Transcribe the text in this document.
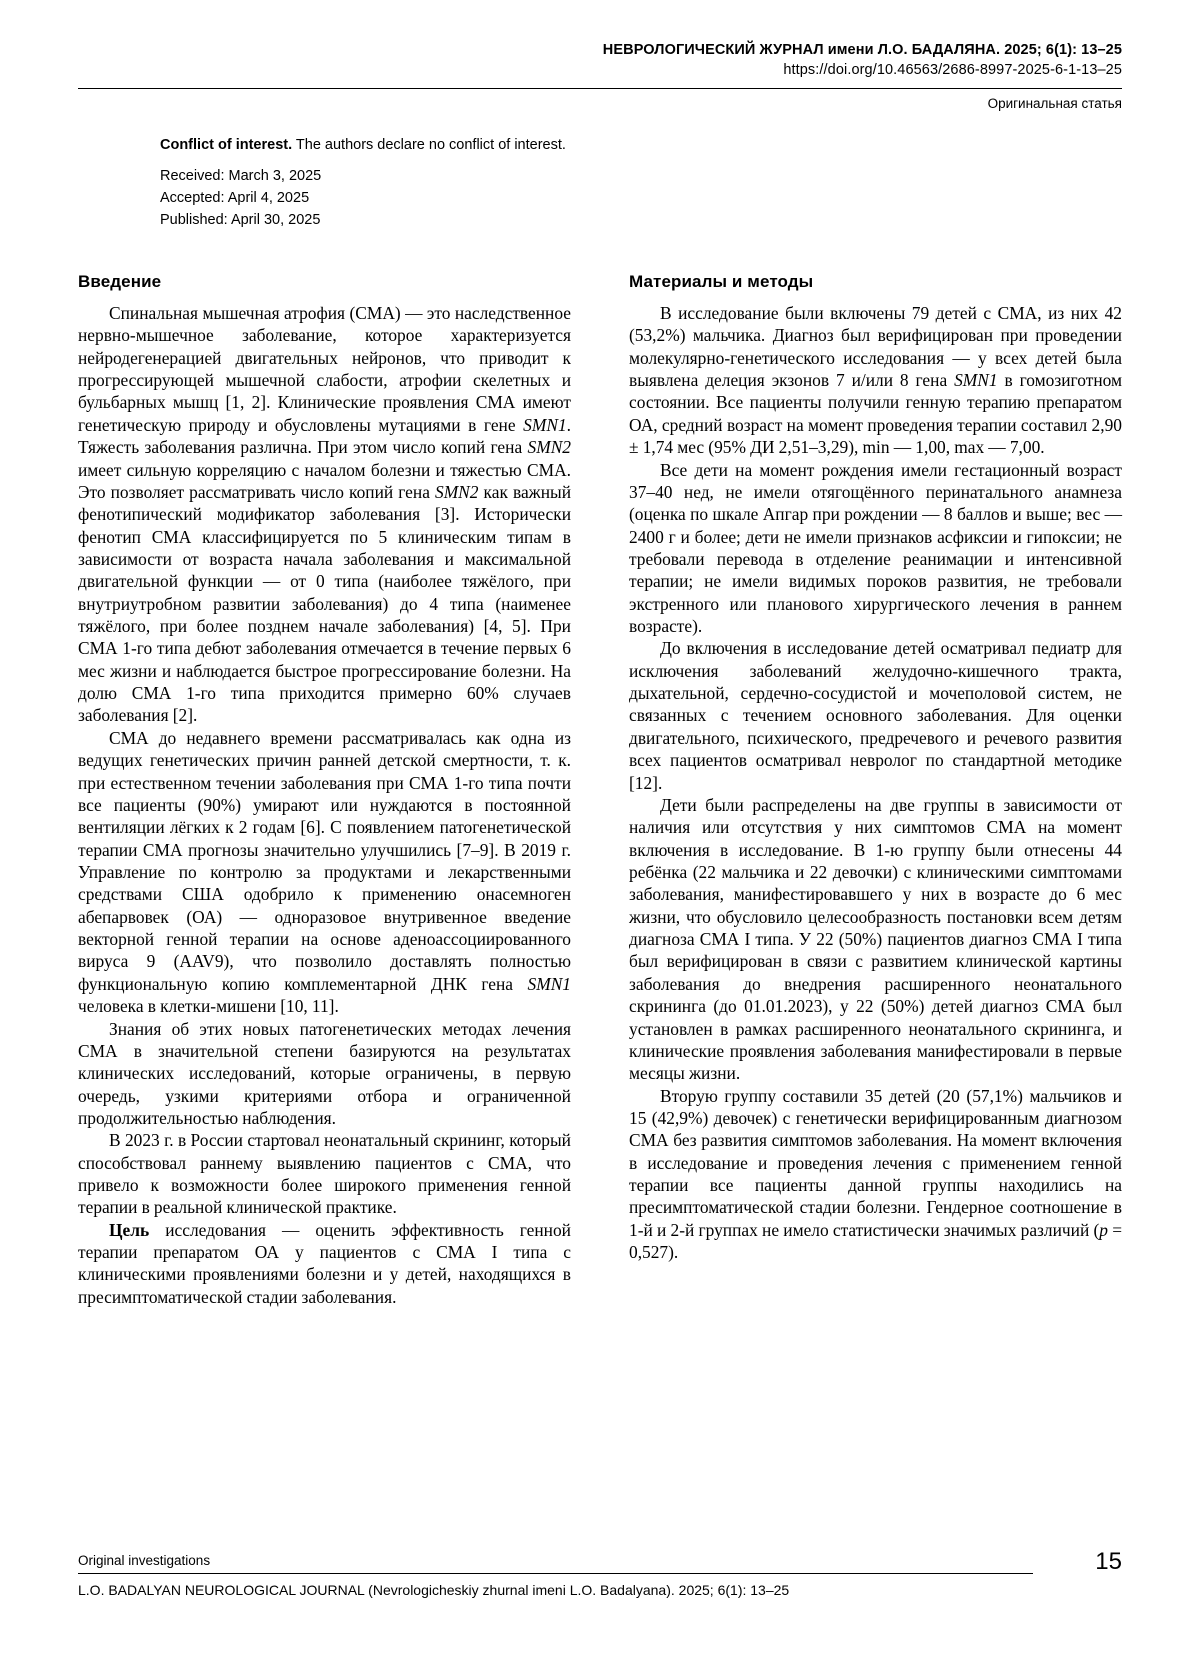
НЕВРОЛОГИЧЕСКИЙ ЖУРНАЛ имени Л.О. БАДАЛЯНА. 2025; 6(1): 13–25
https://doi.org/10.46563/2686-8997-2025-6-1-13–25
Оригинальная статья
Conflict of interest. The authors declare no conflict of interest.
Received: March 3, 2025
Accepted: April 4, 2025
Published: April 30, 2025
Введение

Спинальная мышечная атрофия (СМА) — это наследственное нервно-мышечное заболевание, которое характеризуется нейродегенерацией двигательных нейронов, что приводит к прогрессирующей мышечной слабости, атрофии скелетных и бульбарных мышц [1, 2]. Клинические проявления СМА имеют генетическую природу и обусловлены мутациями в гене SMN1. Тяжесть заболевания различна. При этом число копий гена SMN2 имеет сильную корреляцию с началом болезни и тяжестью СМА. Это позволяет рассматривать число копий гена SMN2 как важный фенотипический модификатор заболевания [3]. Исторически фенотип СМА классифицируется по 5 клиническим типам в зависимости от возраста начала заболевания и максимальной двигательной функции — от 0 типа (наиболее тяжёлого, при внутриутробном развитии заболевания) до 4 типа (наименее тяжёлого, при более позднем начале заболевания) [4, 5]. При СМА 1-го типа дебют заболевания отмечается в течение первых 6 мес жизни и наблюдается быстрое прогрессирование болезни. На долю СМА 1-го типа приходится примерно 60% случаев заболевания [2].

СМА до недавнего времени рассматривалась как одна из ведущих генетических причин ранней детской смертности, т. к. при естественном течении заболевания при СМА 1-го типа почти все пациенты (90%) умирают или нуждаются в постоянной вентиляции лёгких к 2 годам [6]. С появлением патогенетической терапии СМА прогнозы значительно улучшились [7–9]. В 2019 г. Управление по контролю за продуктами и лекарственными средствами США одобрило к применению онасемноген абепарвовек (ОА) — одноразовое внутривенное введение векторной генной терапии на основе аденоассоциированного вируса 9 (AAV9), что позволило доставлять полностью функциональную копию комплементарной ДНК гена SMN1 человека в клетки-мишени [10, 11].

Знания об этих новых патогенетических методах лечения СМА в значительной степени базируются на результатах клинических исследований, которые ограничены, в первую очередь, узкими критериями отбора и ограниченной продолжительностью наблюдения.

В 2023 г. в России стартовал неонатальный скрининг, который способствовал раннему выявлению пациентов с СМА, что привело к возможности более широкого применения генной терапии в реальной клинической практике.

Цель исследования — оценить эффективность генной терапии препаратом ОА у пациентов с СМА I типа с клиническими проявлениями болезни и у детей, находящихся в пресимптоматической стадии заболевания.

Материалы и методы

В исследование были включены 79 детей с СМА, из них 42 (53,2%) мальчика. Диагноз был верифицирован при проведении молекулярно-генетического исследования — у всех детей была выявлена делеция экзонов 7 и/или 8 гена SMN1 в гомозиготном состоянии. Все пациенты получили генную терапию препаратом ОА, средний возраст на момент проведения терапии составил 2,90 ± 1,74 мес (95% ДИ 2,51–3,29), min — 1,00, max — 7,00.

Все дети на момент рождения имели гестационный возраст 37–40 нед, не имели отягощённого перинатального анамнеза (оценка по шкале Апгар при рождении — 8 баллов и выше; вес — 2400 г и более; дети не имели признаков асфиксии и гипоксии; не требовали перевода в отделение реанимации и интенсивной терапии; не имели видимых пороков развития, не требовали экстренного или планового хирургического лечения в раннем возрасте).

До включения в исследование детей осматривал педиатр для исключения заболеваний желудочно-кишечного тракта, дыхательной, сердечно-сосудистой и мочеполовой систем, не связанных с течением основного заболевания. Для оценки двигательного, психического, предречевого и речевого развития всех пациентов осматривал невролог по стандартной методике [12].

Дети были распределены на две группы в зависимости от наличия или отсутствия у них симптомов СМА на момент включения в исследование. В 1-ю группу были отнесены 44 ребёнка (22 мальчика и 22 девочки) с клиническими симптомами заболевания, манифестировавшего у них в возрасте до 6 мес жизни, что обусловило целесообразность постановки всем детям диагноза СМА I типа. У 22 (50%) пациентов диагноз СМА I типа был верифицирован в связи с развитием клинической картины заболевания до внедрения расширенного неонатального скрининга (до 01.01.2023), у 22 (50%) детей диагноз СМА был установлен в рамках расширенного неонатального скрининга, и клинические проявления заболевания манифестировали в первые месяцы жизни.

Вторую группу составили 35 детей (20 (57,1%) мальчиков и 15 (42,9%) девочек) с генетически верифицированным диагнозом СМА без развития симптомов заболевания. На момент включения в исследование и проведения лечения с применением генной терапии все пациенты данной группы находились на пресимптоматической стадии болезни. Гендерное соотношение в 1-й и 2-й группах не имело статистически значимых различий (p = 0,527).

Original investigations
L.O. BADALYAN NEUROLOGICAL JOURNAL (Nevrologicheskiy zhurnal imeni L.O. Badalyana). 2025; 6(1): 13–25
15
